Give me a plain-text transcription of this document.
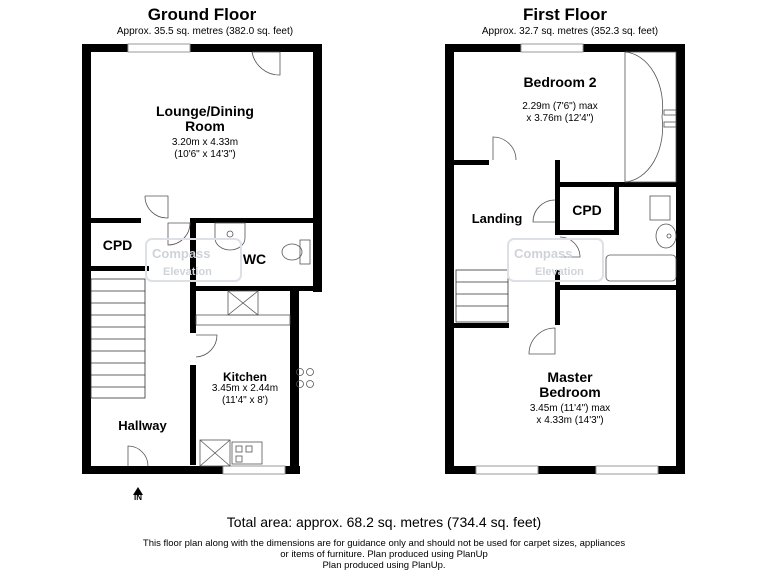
Compass
Elevation
Compass
Elevation
Ground Floor
Approx. 35.5 sq. metres (382.0 sq. feet)
First Floor
Approx. 32.7 sq. metres (352.3 sq. feet)
Lounge/Dining
Room
3.20m x 4.33m
(10'6" x 14'3")
CPD
WC
Kitchen
3.45m x 2.44m
(11'4" x 8')
Hallway
IN
Bedroom 2
2.29m (7'6") max
x 3.76m (12'4")
Landing
CPD
Master
Bedroom
3.45m (11'4") max
x 4.33m (14'3")
Total area: approx. 68.2 sq. metres (734.4 sq. feet)
This floor plan along with the dimensions are for guidance only and should not be used for carpet sizes, appliances
or items of furniture. Plan produced using PlanUp
Plan produced using PlanUp.
